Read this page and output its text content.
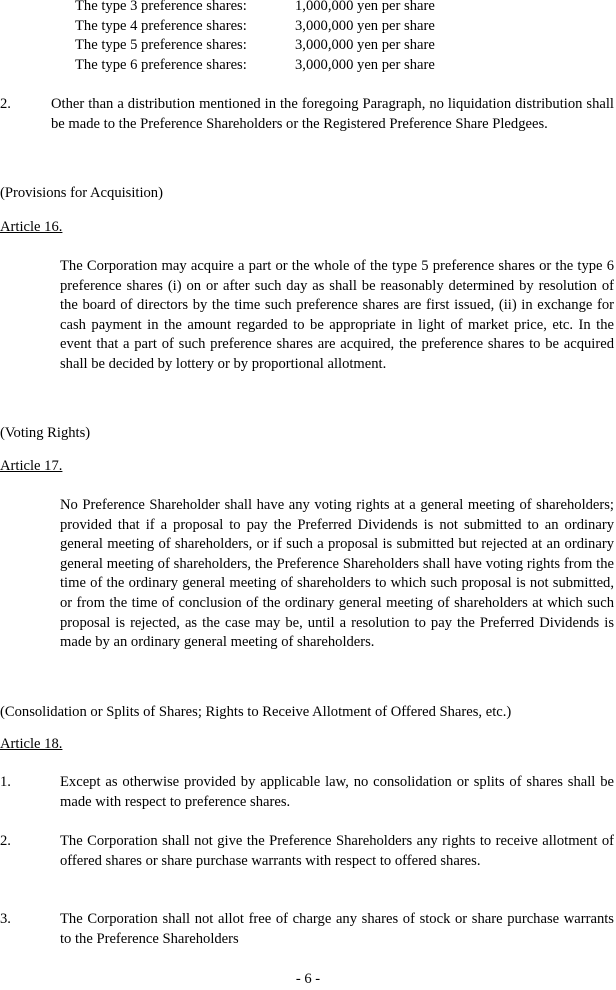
The type 3 preference shares:	1,000,000 yen per share
The type 4 preference shares:	3,000,000 yen per share
The type 5 preference shares:	3,000,000 yen per share
The type 6 preference shares:	3,000,000 yen per share
2.	Other than a distribution mentioned in the foregoing Paragraph, no liquidation distribution shall be made to the Preference Shareholders or the Registered Preference Share Pledgees.
(Provisions for Acquisition)
Article 16.
The Corporation may acquire a part or the whole of the type 5 preference shares or the type 6 preference shares (i) on or after such day as shall be reasonably determined by resolution of the board of directors by the time such preference shares are first issued, (ii) in exchange for cash payment in the amount regarded to be appropriate in light of market price, etc. In the event that a part of such preference shares are acquired, the preference shares to be acquired shall be decided by lottery or by proportional allotment.
(Voting Rights)
Article 17.
No Preference Shareholder shall have any voting rights at a general meeting of shareholders; provided that if a proposal to pay the Preferred Dividends is not submitted to an ordinary general meeting of shareholders, or if such a proposal is submitted but rejected at an ordinary general meeting of shareholders, the Preference Shareholders shall have voting rights from the time of the ordinary general meeting of shareholders to which such proposal is not submitted, or from the time of conclusion of the ordinary general meeting of shareholders at which such proposal is rejected, as the case may be, until a resolution to pay the Preferred Dividends is made by an ordinary general meeting of shareholders.
(Consolidation or Splits of Shares; Rights to Receive Allotment of Offered Shares, etc.)
Article 18.
1.	Except as otherwise provided by applicable law, no consolidation or splits of shares shall be made with respect to preference shares.
2.	The Corporation shall not give the Preference Shareholders any rights to receive allotment of offered shares or share purchase warrants with respect to offered shares.
3.	The Corporation shall not allot free of charge any shares of stock or share purchase warrants to the Preference Shareholders
- 6 -
